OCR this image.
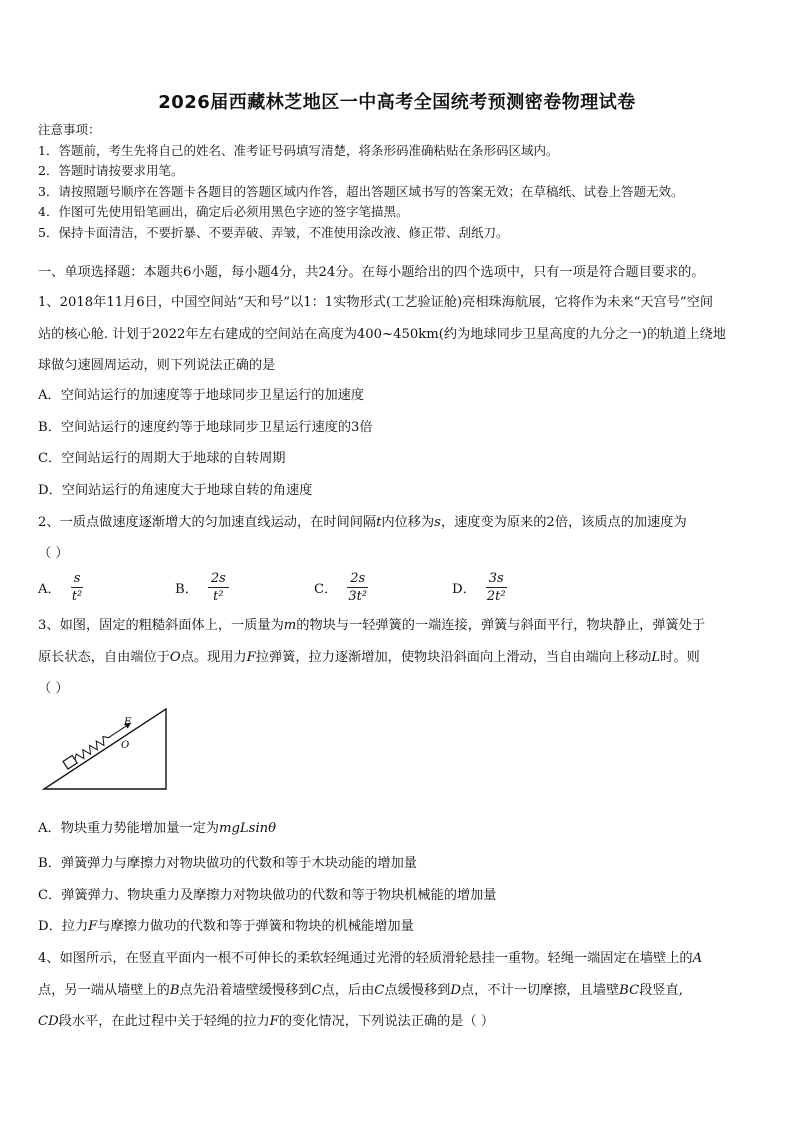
2026届西藏林芝地区一中高考全国统考预测密卷物理试卷
注意事项：
1．答题前，考生先将自己的姓名、准考证号码填写清楚，将条形码准确粘贴在条形码区域内。
2．答题时请按要求用笔。
3．请按照题号顺序在答题卡各题目的答题区域内作答，超出答题区域书写的答案无效；在草稿纸、试卷上答题无效。
4．作图可先使用铅笔画出，确定后必须用黑色字迹的签字笔描黑。
5．保持卡面清洁，不要折暴、不要弄破、弄皱，不准使用涂改液、修正带、刮纸刀。
一、单项选择题：本题共6小题，每小题4分，共24分。在每小题给出的四个选项中，只有一项是符合题目要求的。
1、2018年11月6日，中国空间站“天和号”以1：1实物形式(工艺验证舱)亮相珠海航展，它将作为未来“天宫号”空间
站的核心舱. 计划于2022年左右建成的空间站在高度为400~450km(约为地球同步卫星高度的九分之一)的轨道上绕地
球做匀速圆周运动，则下列说法正确的是
A．空间站运行的加速度等于地球同步卫星运行的加速度
B．空间站运行的速度约等于地球同步卫星运行速度的3倍
C．空间站运行的周期大于地球的自转周期
D．空间站运行的角速度大于地球自转的角速度
2、一质点做速度逐渐增大的匀加速直线运动，在时间间隔t内位移为s，速度变为原来的2倍，该质点的加速度为
（ ）
A． $\frac{s}{\text{t²}}$	B． $\frac{2s}{\text{t²}}$	C． $\frac{2s}{\text{3t²}}$	D． $\frac{3s}{\text{2t²}}$
3、如图，固定的粗糙斜面体上，一质量为m的物块与一轻弹簧的一端连接，弹簧与斜面平行，物块静止，弹簧处于
原长状态，自由端位于O点。现用力F拉弹簧，拉力逐渐增加，使物块沿斜面向上滑动，当自由端向上移动L时。则
（ ）
F
O
A．物块重力势能增加量一定为mgLsinθ
B．弹簧弹力与摩擦力对物块做功的代数和等于木块动能的增加量
C．弹簧弹力、物块重力及摩擦力对物块做功的代数和等于物块机械能的增加量
D．拉力F与摩擦力做功的代数和等于弹簧和物块的机械能增加量
4、如图所示，在竖直平面内一根不可伸长的柔软轻绳通过光滑的轻质滑轮悬挂一重物。轻绳一端固定在墙壁上的A
点，另一端从墙壁上的B点先沿着墙壁缓慢移到C点，后由C点缓慢移到D点，不计一切摩擦，且墙壁BC段竖直,
CD段水平，在此过程中关于轻绳的拉力F的变化情况，下列说法正确的是（ ）
